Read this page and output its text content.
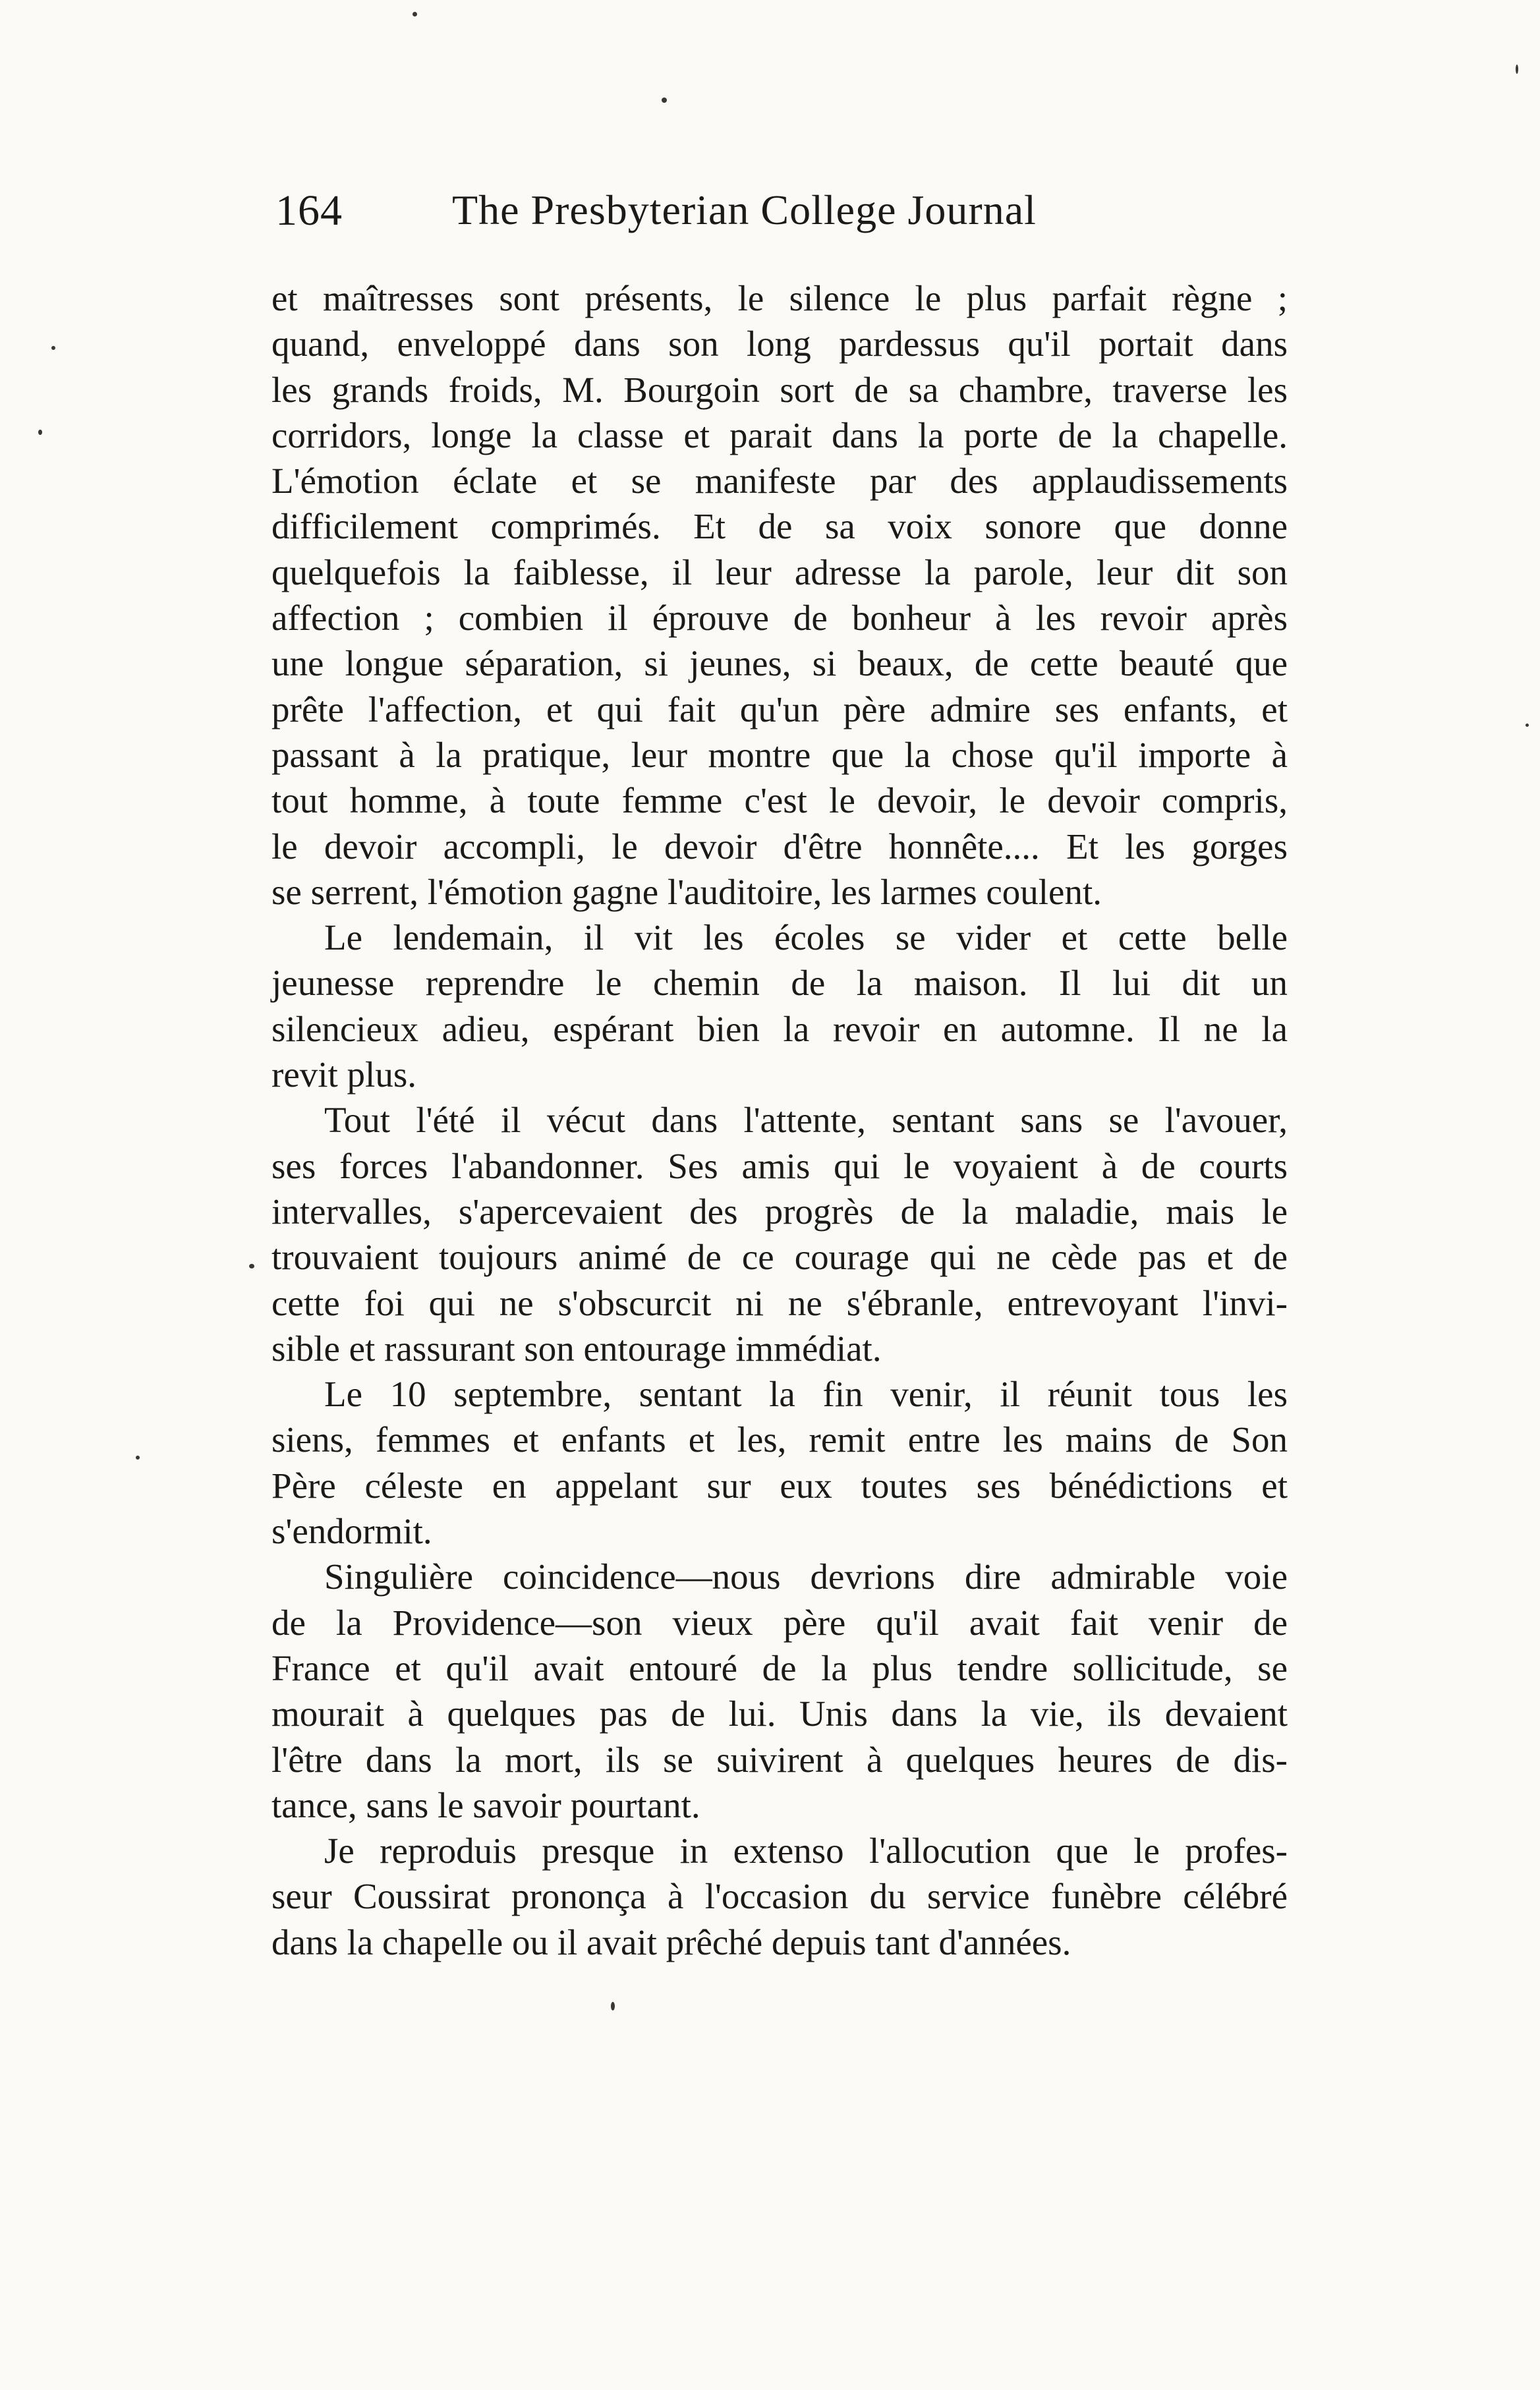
164	The Presbyterian College Journal
et maîtresses sont présents, le silence le plus parfait règne ;
quand, enveloppé dans son long pardessus qu'il portait dans
les grands froids, M. Bourgoin sort de sa chambre, traverse les
corridors, longe la classe et parait dans la porte de la chapelle.
L'émotion éclate et se manifeste par des applaudissements
difficilement comprimés. Et de sa voix sonore que donne
quelquefois la faiblesse, il leur adresse la parole, leur dit son
affection ; combien il éprouve de bonheur à les revoir après
une longue séparation, si jeunes, si beaux, de cette beauté que
prête l'affection, et qui fait qu'un père admire ses enfants, et
passant à la pratique, leur montre que la chose qu'il importe à
tout homme, à toute femme c'est le devoir, le devoir compris,
le devoir accompli, le devoir d'être honnête.... Et les gorges
se serrent, l'émotion gagne l'auditoire, les larmes coulent.
Le lendemain, il vit les écoles se vider et cette belle
jeunesse reprendre le chemin de la maison. Il lui dit un
silencieux adieu, espérant bien la revoir en automne. Il ne la
revit plus.
Tout l'été il vécut dans l'attente, sentant sans se l'avouer,
ses forces l'abandonner. Ses amis qui le voyaient à de courts
intervalles, s'apercevaient des progrès de la maladie, mais le
trouvaient toujours animé de ce courage qui ne cède pas et de
cette foi qui ne s'obscurcit ni ne s'ébranle, entrevoyant l'invi-
sible et rassurant son entourage immédiat.
Le 10 septembre, sentant la fin venir, il réunit tous les
siens, femmes et enfants et les, remit entre les mains de Son
Père céleste en appelant sur eux toutes ses bénédictions et
s'endormit.
Singulière coincidence—nous devrions dire admirable voie
de la Providence—son vieux père qu'il avait fait venir de
France et qu'il avait entouré de la plus tendre sollicitude, se
mourait à quelques pas de lui. Unis dans la vie, ils devaient
l'être dans la mort, ils se suivirent à quelques heures de dis-
tance, sans le savoir pourtant.
Je reproduis presque in extenso l'allocution que le profes-
seur Coussirat prononça à l'occasion du service funèbre célébré
dans la chapelle ou il avait prêché depuis tant d'années.
